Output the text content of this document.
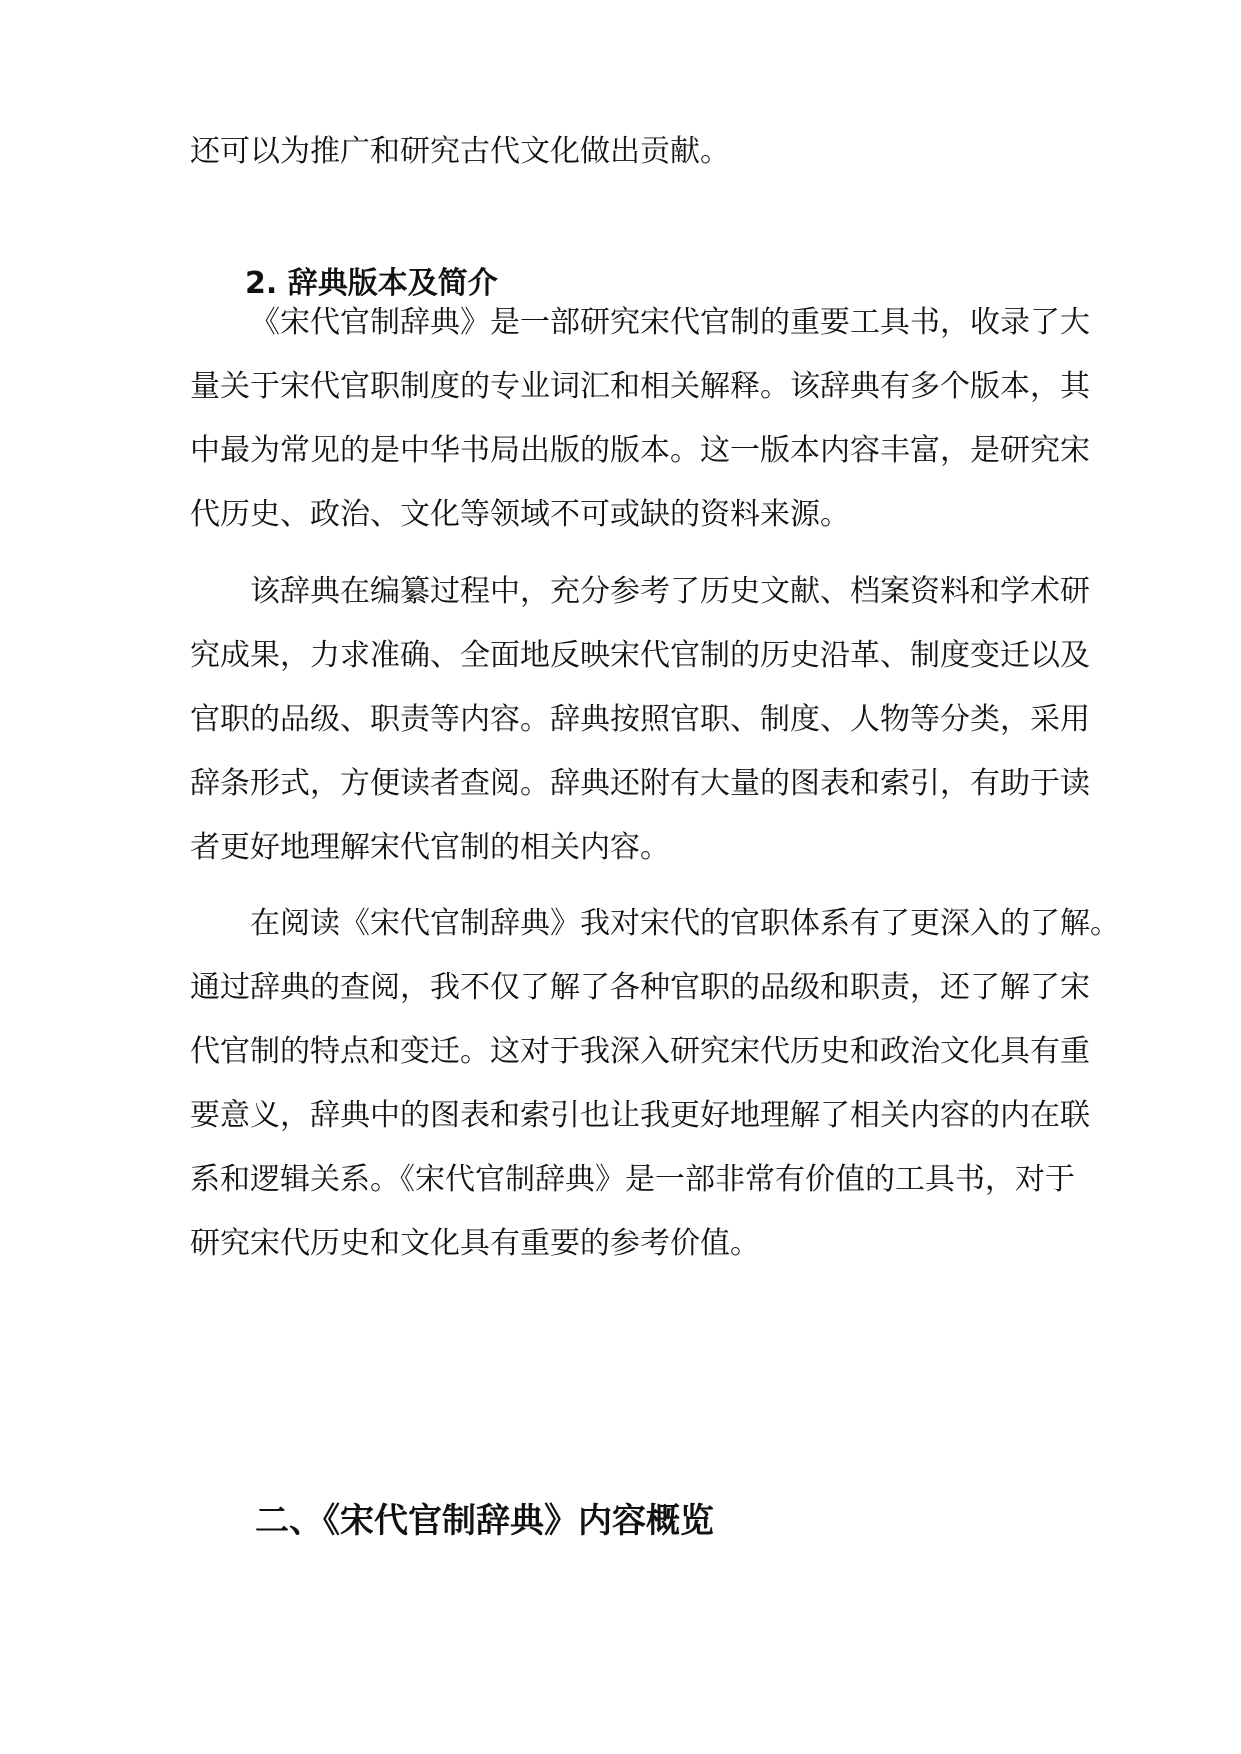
还可以为推广和研究古代文化做出贡献。
2. 辞典版本及简介
《宋代官制辞典》是一部研究宋代官制的重要工具书，收录了大
量关于宋代官职制度的专业词汇和相关解释。该辞典有多个版本，其
中最为常见的是中华书局出版的版本。这一版本内容丰富，是研究宋
代历史、政治、文化等领域不可或缺的资料来源。
该辞典在编纂过程中，充分参考了历史文献、档案资料和学术研
究成果，力求准确、全面地反映宋代官制的历史沿革、制度变迁以及
官职的品级、职责等内容。辞典按照官职、制度、人物等分类，采用
辞条形式，方便读者查阅。辞典还附有大量的图表和索引，有助于读
者更好地理解宋代官制的相关内容。
在阅读《宋代官制辞典》我对宋代的官职体系有了更深入的了解。
通过辞典的查阅，我不仅了解了各种官职的品级和职责，还了解了宋
代官制的特点和变迁。这对于我深入研究宋代历史和政治文化具有重
要意义，辞典中的图表和索引也让我更好地理解了相关内容的内在联
系和逻辑关系。《宋代官制辞典》是一部非常有价值的工具书，对于
研究宋代历史和文化具有重要的参考价值。
二、《宋代官制辞典》内容概览
